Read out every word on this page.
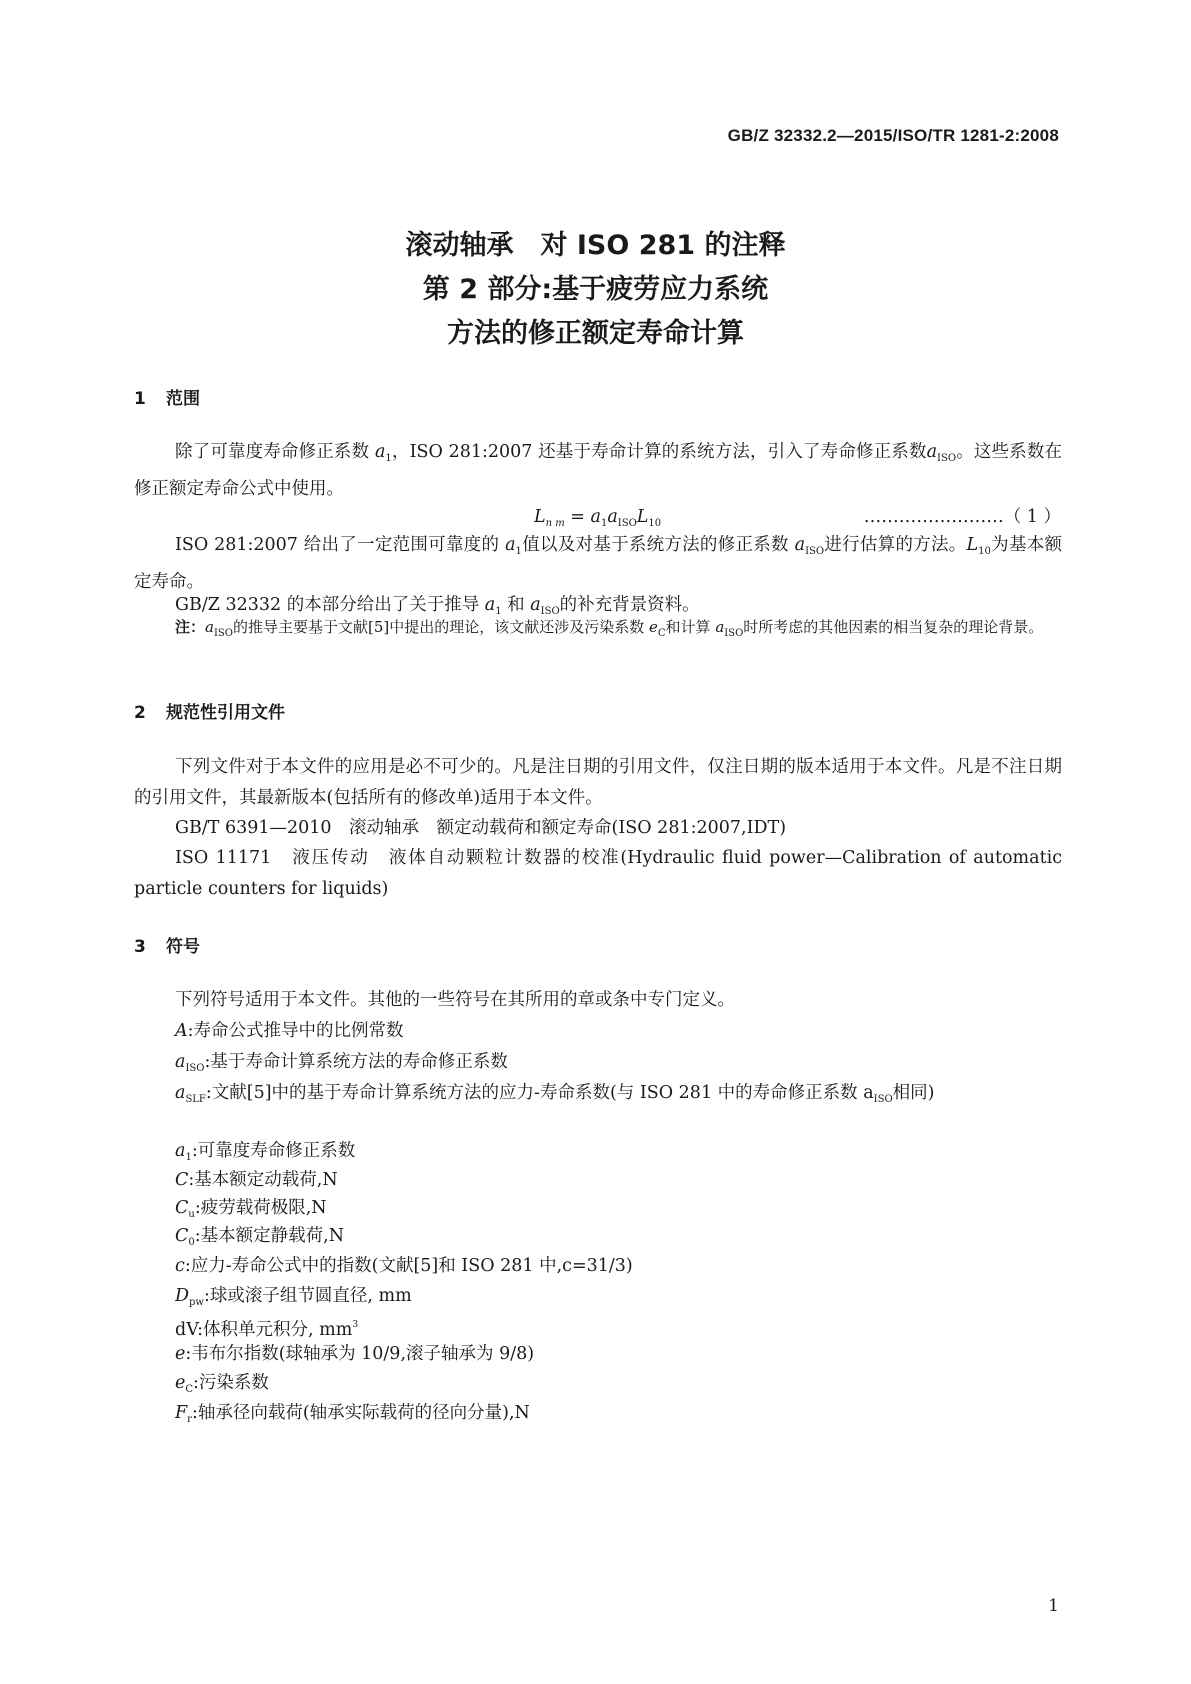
GB/Z 32332.2—2015/ISO/TR 1281-2:2008
滚动轴承　对 ISO 281 的注释
第 2 部分:基于疲劳应力系统
方法的修正额定寿命计算
1 范围
除了可靠度寿命修正系数 $a_1$，ISO 281:2007 还基于寿命计算的系统方法，引入了寿命修正系数$a_{ISO}$。这些系数在修正额定寿命公式中使用。
$L_{n m} = a_1a_{ISO}L_{10}$	……………………（ 1 ）
ISO 281:2007 给出了一定范围可靠度的 $a_1$值以及对基于系统方法的修正系数 $a_{ISO}$进行估算的方法。$L_{10}$为基本额定寿命。
GB/Z 32332 的本部分给出了关于推导 $a_1$ 和 $a_{ISO}$的补充背景资料。
注：$a_{ISO}$的推导主要基于文献[5]中提出的理论，该文献还涉及污染系数 $e_C$和计算 $a_{ISO}$时所考虑的其他因素的相当复杂的理论背景。
2 规范性引用文件
下列文件对于本文件的应用是必不可少的。凡是注日期的引用文件，仅注日期的版本适用于本文件。凡是不注日期的引用文件，其最新版本(包括所有的修改单)适用于本文件。
GB/T 6391—2010　滚动轴承　额定动载荷和额定寿命(ISO 281:2007,IDT)
ISO 11171　液压传动　液体自动颗粒计数器的校准(Hydraulic fluid power—Calibration of automatic particle counters for liquids)
3 符号
下列符号适用于本文件。其他的一些符号在其所用的章或条中专门定义。
A:寿命公式推导中的比例常数
$a_{ISO}$:基于寿命计算系统方法的寿命修正系数
$a_{SLF}$:文献[5]中的基于寿命计算系统方法的应力-寿命系数(与 ISO 281 中的寿命修正系数 $a_{ISO}$相同)
$a_1$:可靠度寿命修正系数
C:基本额定动载荷,N
$C_u$:疲劳载荷极限,N
$C_0$:基本额定静载荷,N
c:应力-寿命公式中的指数(文献[5]和 ISO 281 中,c=31/3)
$D_{pw}$:球或滚子组节圆直径, mm
dV:体积单元积分, $mm^3$
e:韦布尔指数(球轴承为 10/9,滚子轴承为 9/8)
$e_C$:污染系数
$F_r$:轴承径向载荷(轴承实际载荷的径向分量),N
1
